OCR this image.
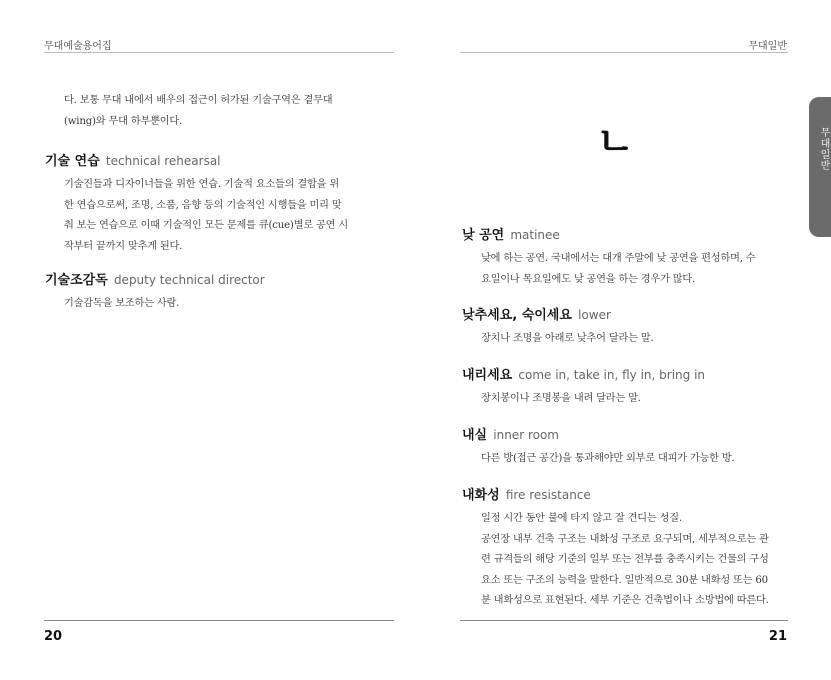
무대예술용어집	무대일반
무대일반
ㄴ
다. 보통 무대 내에서 배우의 접근이 허가된 기술구역은 곁무대
(wing)와 무대 하부뿐이다.
기술 연습 technical rehearsal

기술진들과 디자이너들을 위한 연습. 기술적 요소들의 결합을 위

한 연습으로써, 조명, 소품, 음향 등의 기술적인 시행들을 미리 맞

춰 보는 연습으로 이때 기술적인 모든 문제를 큐(cue)별로 공연 시

작부터 끝까지 맞추게 된다.

기술조감독 deputy technical director

기술감독을 보조하는 사람.

낮 공연 matinee

낮에 하는 공연. 국내에서는 대개 주말에 낮 공연을 편성하며, 수

요일이나 목요일에도 낮 공연을 하는 경우가 많다.

낮추세요, 숙이세요 lower

장치나 조명을 아래로 낮추어 달라는 말.

내리세요 come in, take in, fly in, bring in

장치봉이나 조명봉을 내려 달라는 말.

내실 inner room

다른 방(접근 공간)을 통과해야만 외부로 대피가 가능한 방.

내화성 fire resistance

일정 시간 동안 불에 타지 않고 잘 견디는 성질.

공연장 내부 건축 구조는 내화성 구조로 요구되며, 세부적으로는 관

련 규격들의 해당 기준의 일부 또는 전부를 충족시키는 건물의 구성

요소 또는 구조의 능력을 말한다. 일반적으로 30분 내화성 또는 60

분 내화성으로 표현된다. 세부 기준은 건축법이나 소방법에 따른다.

20	21
